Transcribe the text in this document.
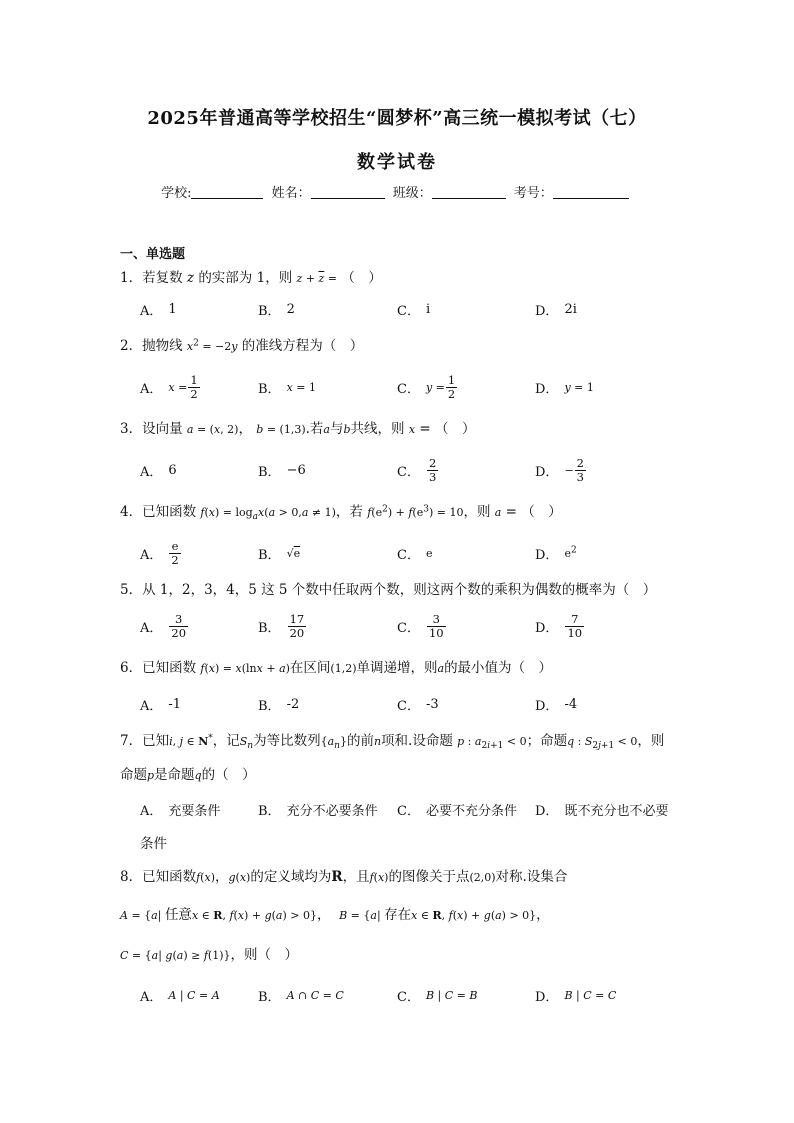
2025年普通高等学校招生“圆梦杯”高三统一模拟考试（七）
数学试卷
学校:	姓名：	班级：	考号：
一、单选题
1．若复数 z 的实部为 1，则 $z + \overline{z}$ = （　）
A． 1	B． 2	C． i	D． 2i
2．抛物线 $x^2 = -2y$ 的准线方程为（　）
A． $x = \frac{1}{2}$	B． x = 1	C． $y = \frac{1}{2}$	D． y = 1
3．设向量 a = (x, 2)， b = (1,3).若a与b共线，则 x = （　）
A． 6	B． −6	C． $\frac{2}{3}$	D． − $\frac{2}{3}$
4．已知函数 $f(x) = \log_ax(a > 0,a \ne 1)$，若 $f(e^2) + f(e^3) = 10$，则 a = （　）
A． $\frac{e}{2}$	B． √e	C． e	D． $e^2$
5．从 1，2，3，4，5 这 5 个数中任取两个数，则这两个数的乘积为偶数的概率为（　）
A． $\frac{3}{20}$	B． $\frac{17}{20}$	C． $\frac{3}{10}$	D． $\frac{7}{10}$
6．已知函数 f(x) = x(lnx + a)在区间(1,2)单调递增，则a的最小值为（　）
A． -1	B． -2	C． -3	D． -4
7．已知i, j ∈ N*，记$S_n$为等比数列$\{a_n\}$的前n项和.设命题 p : $a_{2i+1} < 0$；命题q : $S_{2j+1} < 0$，则
命题p是命题q的（　）
A． 充要条件	B． 充分不必要条件 C． 必要不充分条件 D． 既不充分也不必要
条件
8．已知函数f(x)，g(x)的定义域均为R，且f(x)的图像关于点(2,0)对称.设集合
A = {a| 任意x ∈ R, f(x) + g(a) > 0}，  B = {a| 存在x ∈ R, f(x) + g(a) > 0}，
C = {a| g(a) ≥ f(1)}，则（　）
A． A | C = A	B． A ∩ C = C	C． B | C = B	D． B | C = C
